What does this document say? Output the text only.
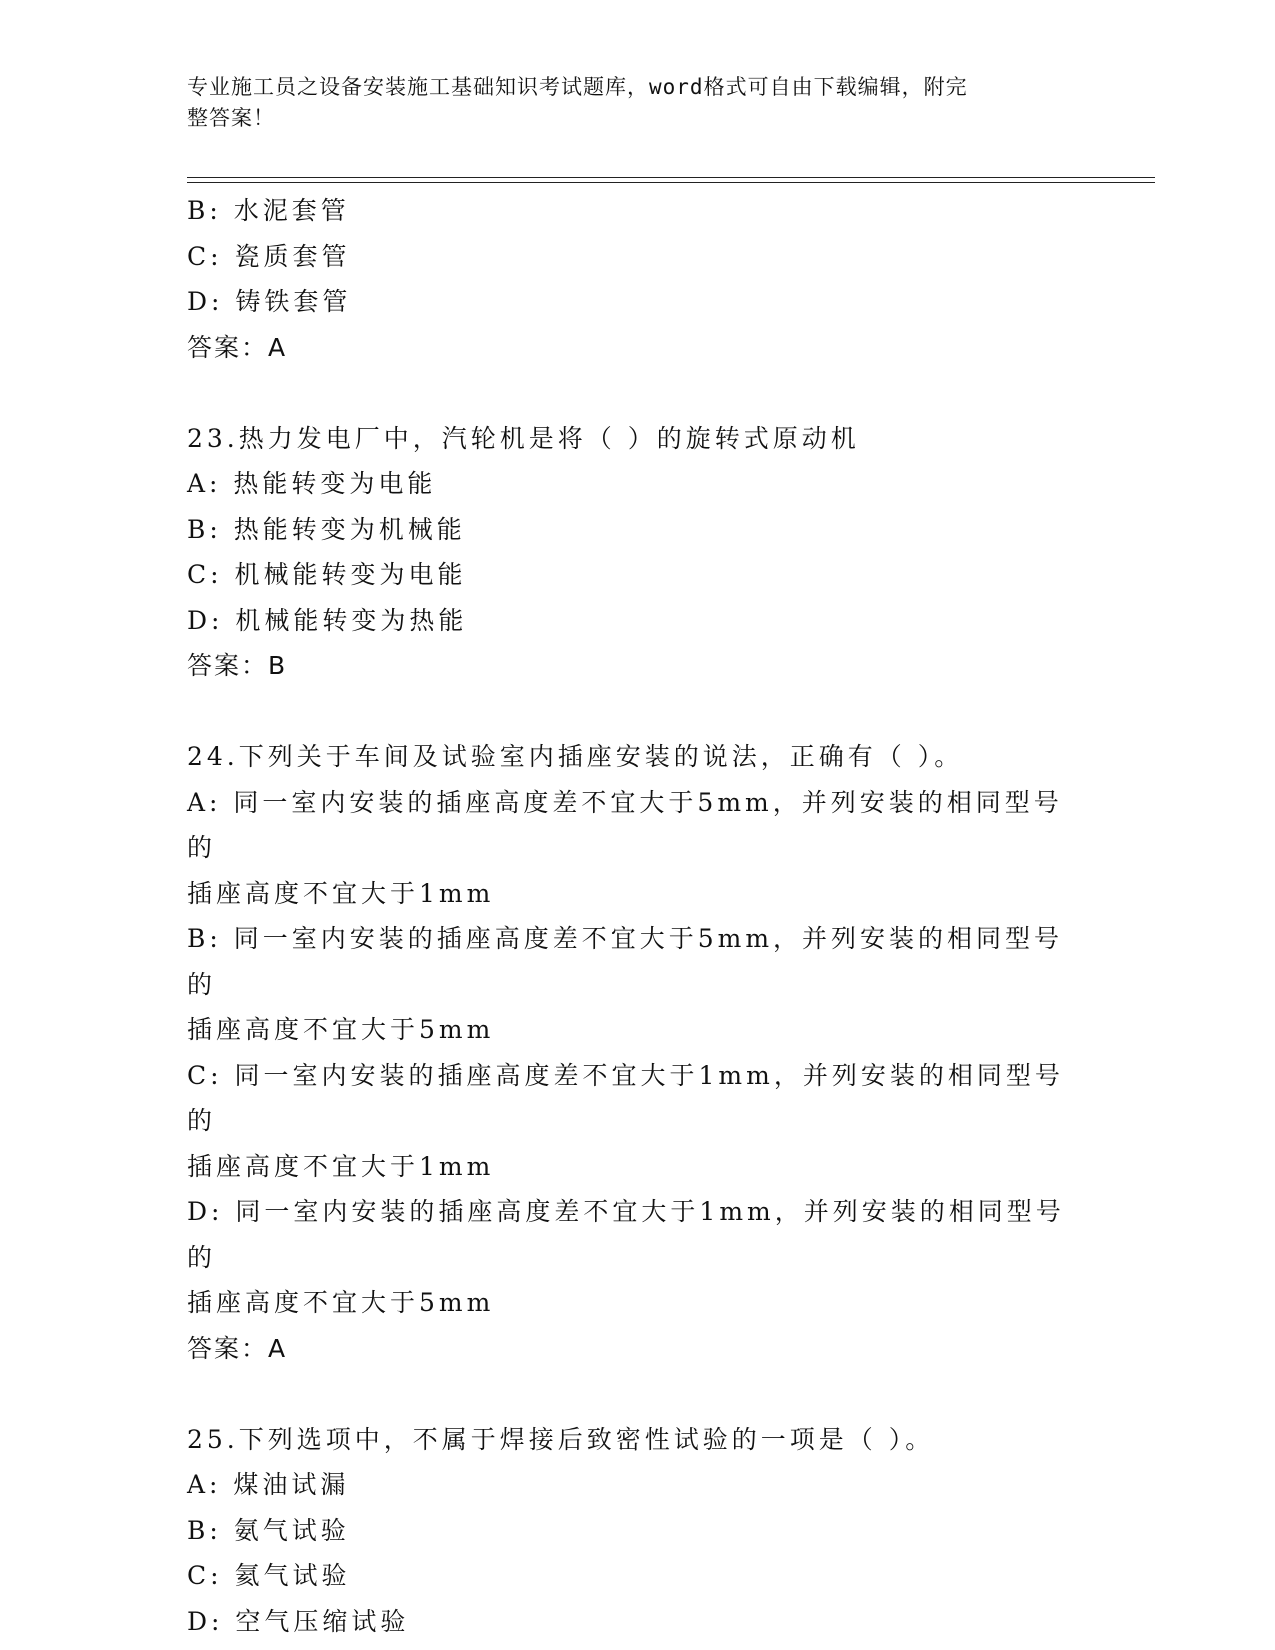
专业施工员之设备安装施工基础知识考试题库，word格式可自由下载编辑，附完
整答案！
B: 水泥套管
C: 瓷质套管
D: 铸铁套管
答案：A
23.热力发电厂中，汽轮机是将（ ）的旋转式原动机
A: 热能转变为电能
B: 热能转变为机械能
C: 机械能转变为电能
D: 机械能转变为热能
答案：B
24.下列关于车间及试验室内插座安装的说法，正确有（ ）。
A: 同一室内安装的插座高度差不宜大于5mm，并列安装的相同型号的
插座高度不宜大于1mm
B: 同一室内安装的插座高度差不宜大于5mm，并列安装的相同型号的
插座高度不宜大于5mm
C: 同一室内安装的插座高度差不宜大于1mm，并列安装的相同型号的
插座高度不宜大于1mm
D: 同一室内安装的插座高度差不宜大于1mm，并列安装的相同型号的
插座高度不宜大于5mm
答案：A
25.下列选项中，不属于焊接后致密性试验的一项是（ ）。
A: 煤油试漏
B: 氨气试验
C: 氦气试验
D: 空气压缩试验
